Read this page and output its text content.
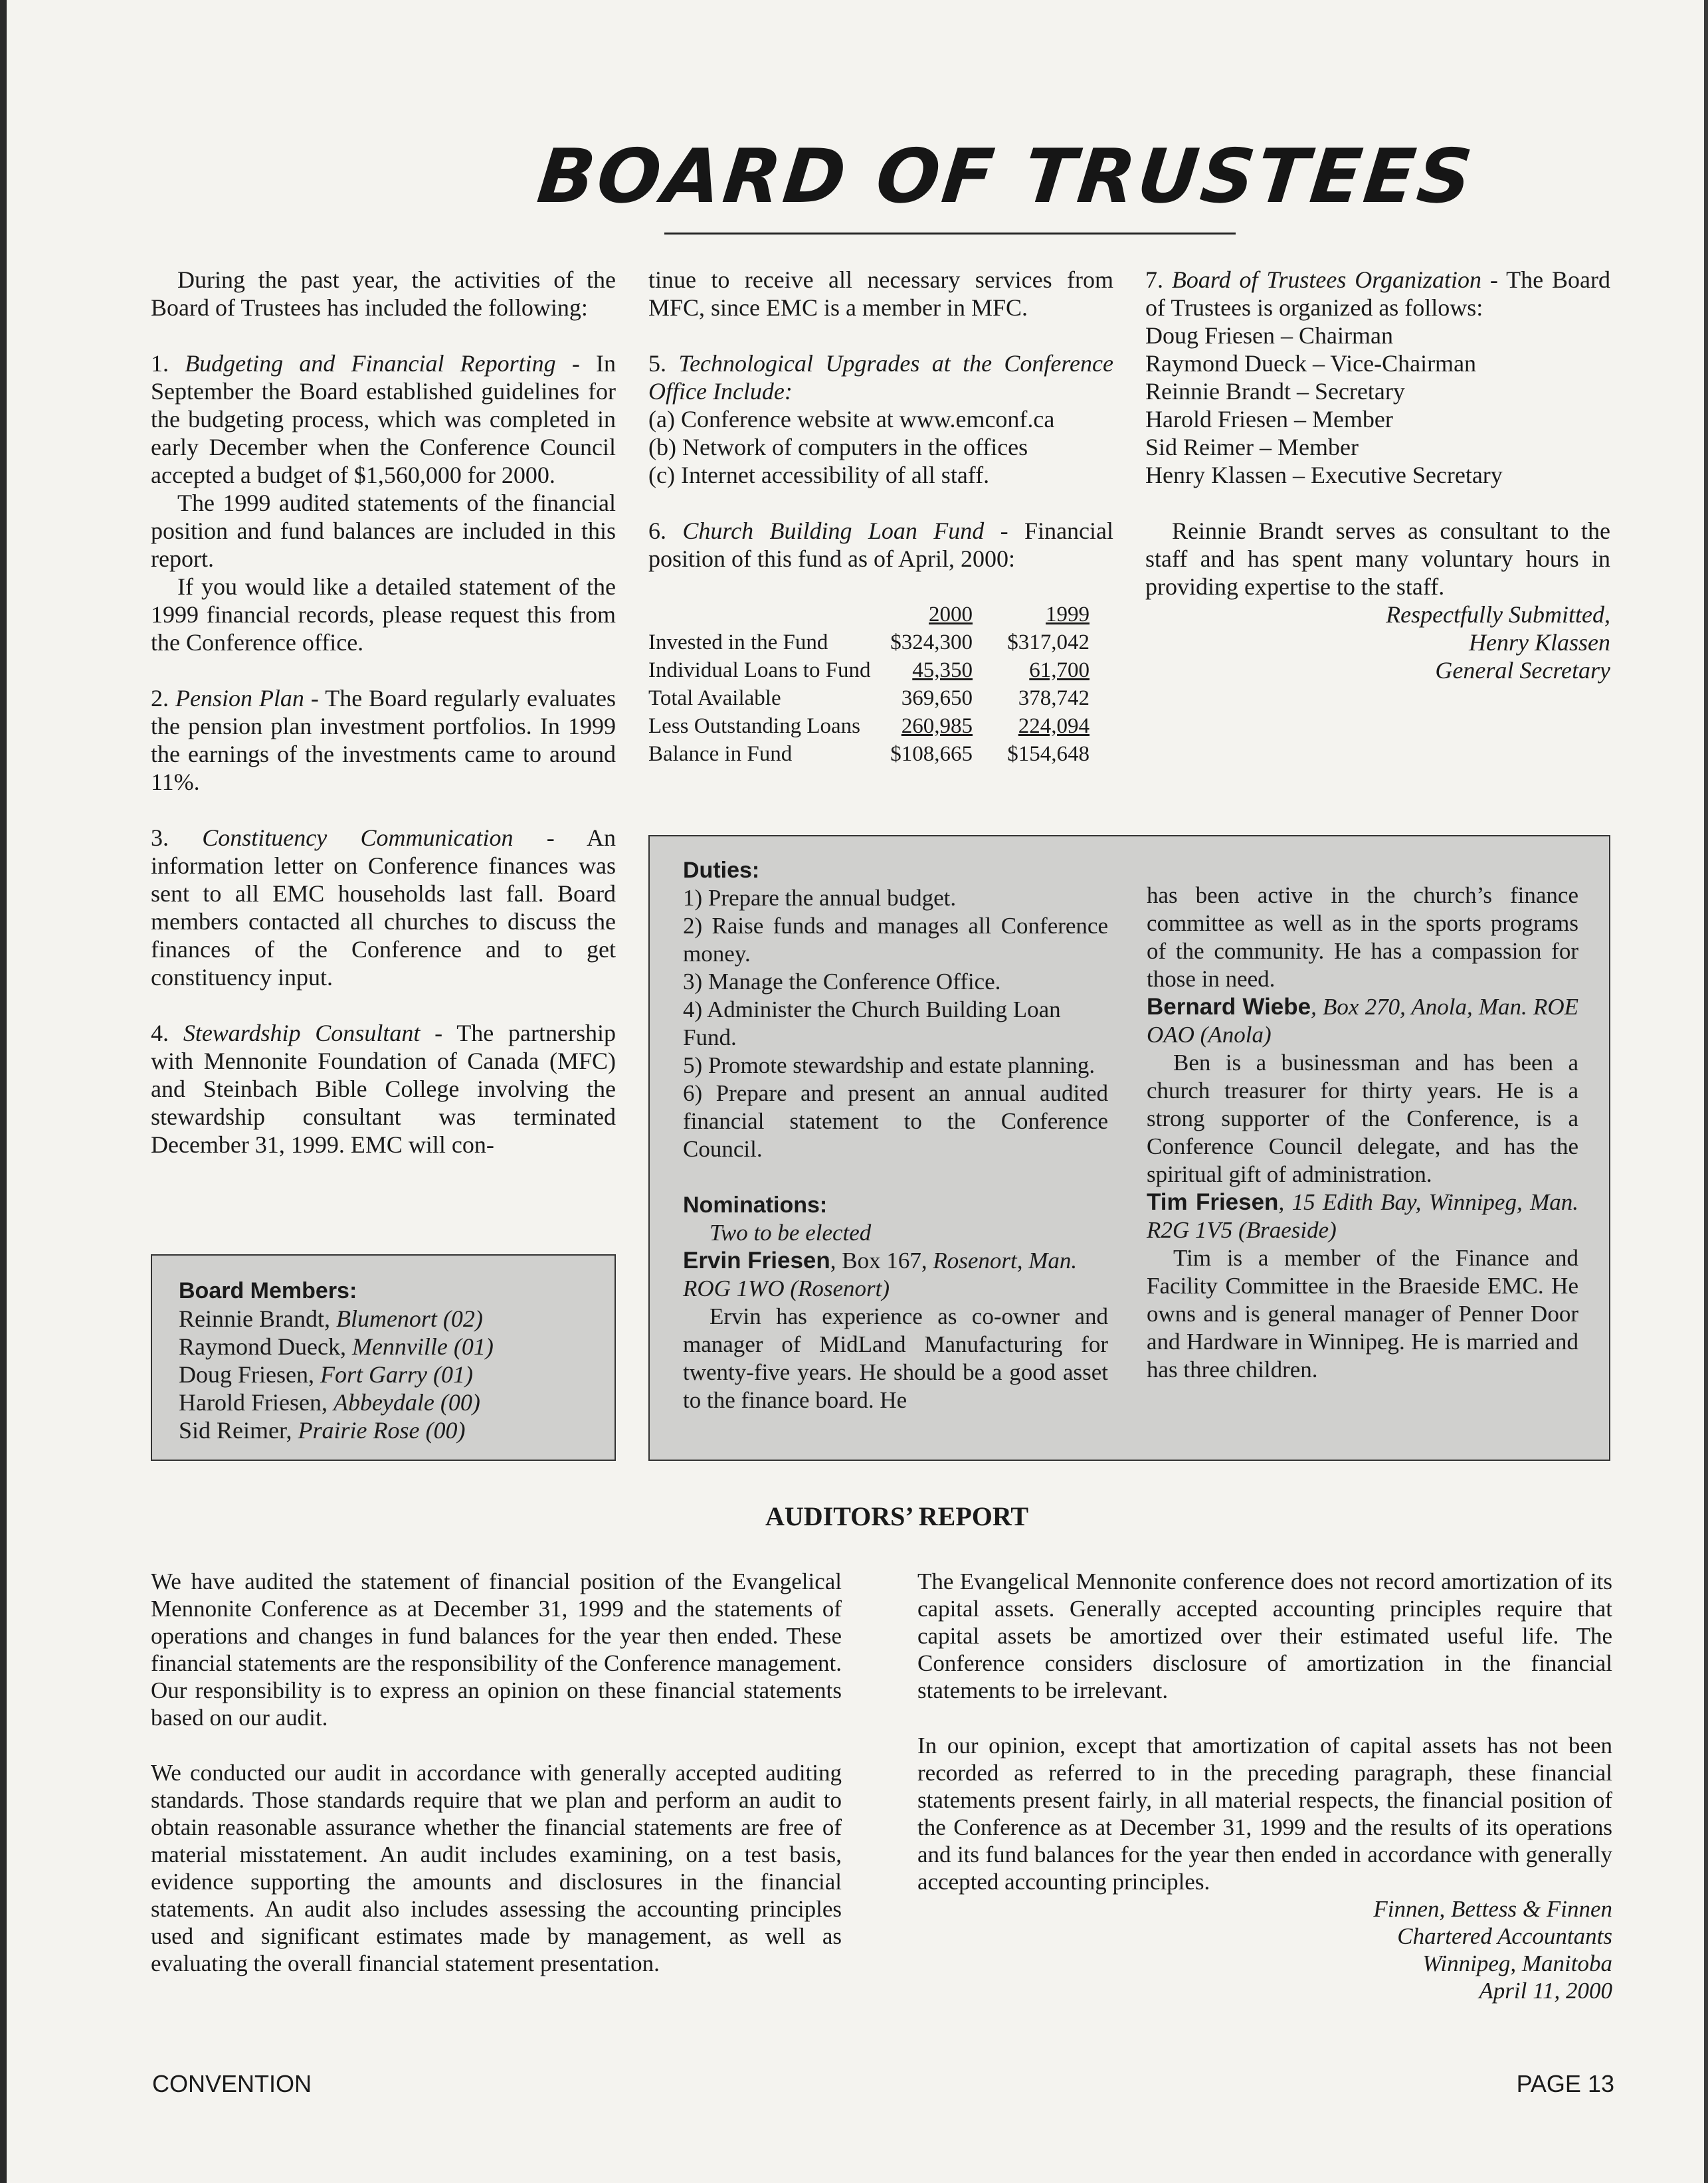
BOARD OF TRUSTEES

During the past year, the activities of the Board of Trustees has included the following:

1. Budgeting and Financial Reporting - In September the Board established guidelines for the budgeting process, which was completed in early December when the Conference Council accepted a budget of $1,560,000 for 2000.

The 1999 audited statements of the financial position and fund balances are included in this report.

If you would like a detailed statement of the 1999 financial records, please request this from the Conference office.

2. Pension Plan - The Board regularly evaluates the pension plan investment portfolios. In 1999 the earnings of the investments came to around 11%.

3. Constituency Communication - An information letter on Conference finances was sent to all EMC households last fall. Board members contacted all churches to discuss the finances of the Conference and to get constituency input.

4. Stewardship Consultant - The partnership with Mennonite Foundation of Canada (MFC) and Steinbach Bible College involving the stewardship consultant was terminated December 31, 1999. EMC will con-

tinue to receive all necessary services from MFC, since EMC is a member in MFC.

5. Technological Upgrades at the Conference Office Include:

(a) Conference website at www.emconf.ca

(b) Network of computers in the offices

(c) Internet accessibility of all staff.

6. Church Building Loan Fund - Financial position of this fund as of April, 2000:

	2000	1999
Invested in the Fund	$324,300	$317,042
Individual Loans to Fund	45,350	61,700
Total Available	369,650	378,742
Less Outstanding Loans	260,985	224,094
Balance in Fund	$108,665	$154,648

7. Board of Trustees Organization - The Board of Trustees is organized as follows:

Doug Friesen – Chairman

Raymond Dueck – Vice-Chairman

Reinnie Brandt – Secretary

Harold Friesen – Member

Sid Reimer – Member

Henry Klassen – Executive Secretary

Reinnie Brandt serves as consultant to the staff and has spent many voluntary hours in providing expertise to the staff.

Respectfully Submitted,

Henry Klassen

General Secretary

Board Members:
Reinnie Brandt, Blumenort (02)
Raymond Dueck, Mennville (01)
Doug Friesen, Fort Garry (01)
Harold Friesen, Abbeydale (00)
Sid Reimer, Prairie Rose (00)

Duties:

1) Prepare the annual budget.

2) Raise funds and manages all Conference money.

3) Manage the Conference Office.

4) Administer the Church Building Loan Fund.

5) Promote stewardship and estate planning.

6) Prepare and present an annual audited financial statement to the Conference Council.

Nominations:

Two to be elected

Ervin Friesen, Box 167, Rosenort, Man. ROG 1WO (Rosenort)

Ervin has experience as co-owner and manager of MidLand Manufacturing for twenty-five years. He should be a good asset to the finance board. He

has been active in the church’s finance committee as well as in the sports programs of the community. He has a compassion for those in need.

Bernard Wiebe, Box 270, Anola, Man. ROE OAO (Anola)

Ben is a businessman and has been a church treasurer for thirty years. He is a strong supporter of the Conference, is a Conference Council delegate, and has the spiritual gift of administration.

Tim Friesen, 15 Edith Bay, Winnipeg, Man. R2G 1V5 (Braeside)

Tim is a member of the Finance and Facility Committee in the Braeside EMC. He owns and is general manager of Penner Door and Hardware in Winnipeg. He is married and has three children.

AUDITORS’ REPORT

We have audited the statement of financial position of the Evangelical Mennonite Conference as at December 31, 1999 and the statements of operations and changes in fund balances for the year then ended. These financial statements are the responsibility of the Conference management. Our responsibility is to express an opinion on these financial statements based on our audit.

We conducted our audit in accordance with generally accepted auditing standards. Those standards require that we plan and perform an audit to obtain reasonable assurance whether the financial statements are free of material misstatement. An audit includes examining, on a test basis, evidence supporting the amounts and disclosures in the financial statements. An audit also includes assessing the accounting principles used and significant estimates made by management, as well as evaluating the overall financial statement presentation.

The Evangelical Mennonite conference does not record amortization of its capital assets. Generally accepted accounting principles require that capital assets be amortized over their estimated useful life. The Conference considers disclosure of amortization in the financial statements to be irrelevant.

In our opinion, except that amortization of capital assets has not been recorded as referred to in the preceding paragraph, these financial statements present fairly, in all material respects, the financial position of the Conference as at December 31, 1999 and the results of its operations and its fund balances for the year then ended in accordance with generally accepted accounting principles.

Finnen, Bettess & Finnen

Chartered Accountants

Winnipeg, Manitoba

April 11, 2000

CONVENTION	PAGE 13
